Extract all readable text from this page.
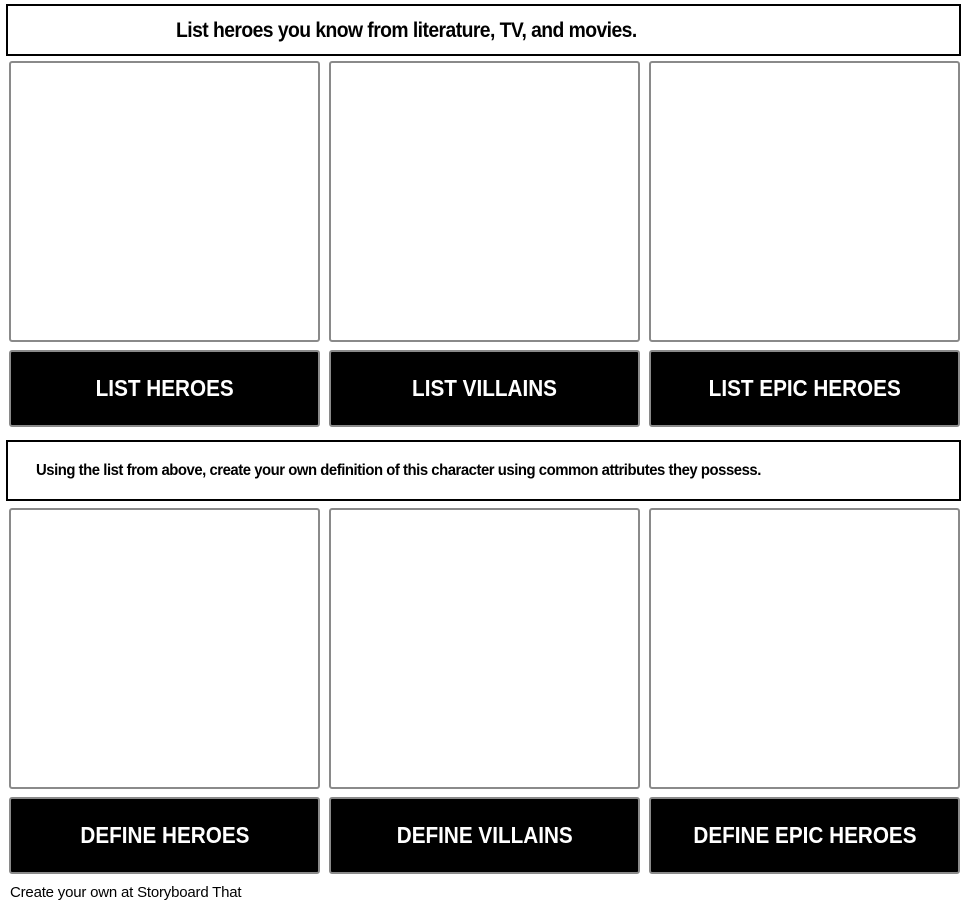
List heroes you know from literature, TV, and movies.
LIST HEROES	LIST VILLAINS	LIST EPIC HEROES
Using the list from above, create your own definition of this character using common attributes they possess.
DEFINE HEROES	DEFINE VILLAINS	DEFINE EPIC HEROES
Create your own at Storyboard That
